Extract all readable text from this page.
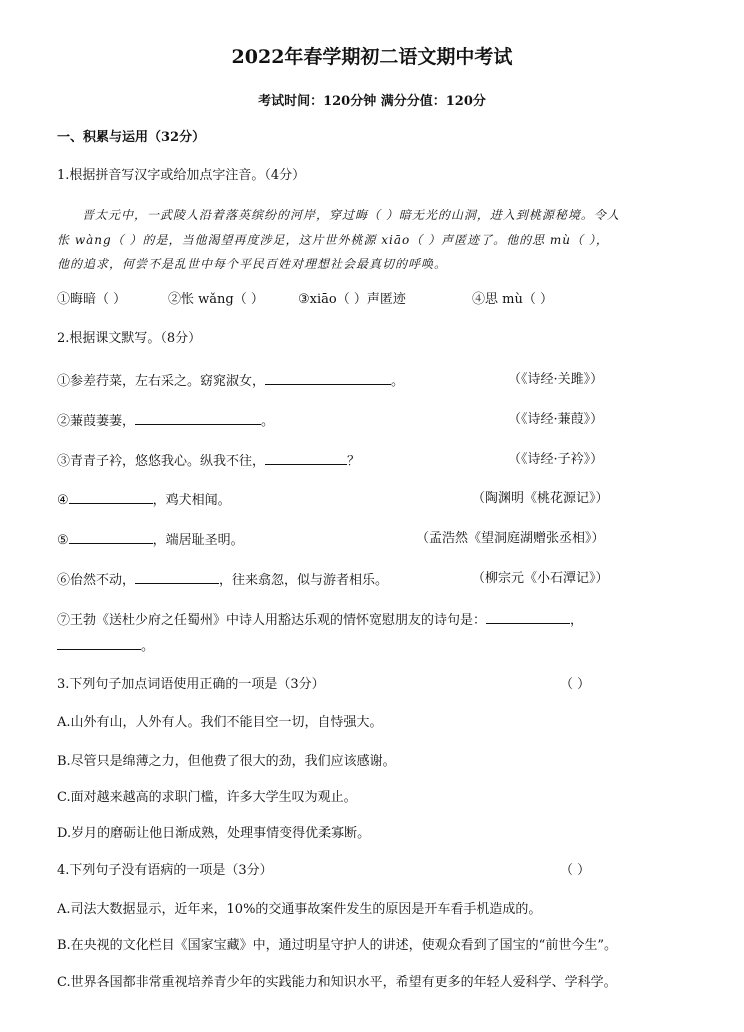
2022年春学期初二语文期中考试
考试时间：120分钟 满分分值：120分
一、积累与运用（32分）
1.根据拼音写汉字或给加点字注音。（4分）
晋太元中，一武陵人沿着落英缤纷的河岸，穿过晦（ ）暗无光的山洞，进入到桃源秘境。令人
怅 wàng（ ）的是，当他渴望再度涉足，这片世外桃源 xiāo（ ）声匿迹了。他的思 mù（ ），
他的追求，何尝不是乱世中每个平民百姓对理想社会最真切的呼唤。
①晦暗（ ）	②怅 wǎng（ ）	③xiāo（ ）声匿迹	④思 mù（ ）
2.根据课文默写。（8分）
①参差荇菜，左右采之。窈窕淑女，	。	（《诗经·关雎》）
②蒹葭萋萋，	。	（《诗经·蒹葭》）
③青青子衿，悠悠我心。纵我不往，	？	（《诗经·子衿》）
④	，鸡犬相闻。	（陶渊明《桃花源记》）
⑤	，端居耻圣明。	（孟浩然《望洞庭湖赠张丞相》）
⑥佁然不动，	，往来翕忽，似与游者相乐。	（柳宗元《小石潭记》）
⑦王勃《送杜少府之任蜀州》中诗人用豁达乐观的情怀宽慰朋友的诗句是：	，
。
3.下列句子加点词语使用正确的一项是（3分）	（ ）
A.山外有山，人外有人。我们不能目空一切，自恃强大。
B.尽管只是绵薄之力，但他费了很大的劲，我们应该感谢。
C.面对越来越高的求职门槛，许多大学生叹为观止。
D.岁月的磨砺让他日渐成熟，处理事情变得优柔寡断。
4.下列句子没有语病的一项是（3分）	（ ）
A.司法大数据显示，近年来，10%的交通事故案件发生的原因是开车看手机造成的。
B.在央视的文化栏目《国家宝藏》中，通过明星守护人的讲述，使观众看到了国宝的“前世今生”。
C.世界各国都非常重视培养青少年的实践能力和知识水平，希望有更多的年轻人爱科学、学科学。
